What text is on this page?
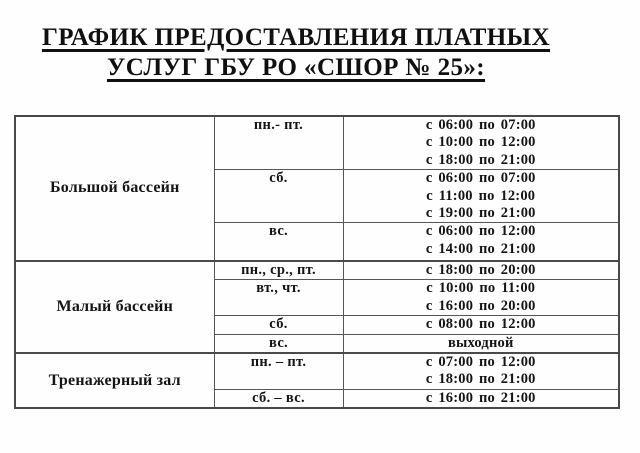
ГРАФИК ПРЕДОСТАВЛЕНИЯ ПЛАТНЫХ
УСЛУГ ГБУ РО «СШОР № 25»:
Большой бассейн	пн.- пт.	с 06:00 по 07:00
с 10:00 по 12:00
с 18:00 по 21:00

	сб.	с 06:00 по 07:00
с 11:00 по 12:00
с 19:00 по 21:00

	вс.	с 06:00 по 12:00
с 14:00 по 21:00

Малый бассейн	пн., ср., пт.	с 18:00 по 20:00

	вт., чт.	с 10:00 по 11:00
с 16:00 по 20:00

	сб.	с 08:00 по 12:00

	вс.	выходной

Тренажерный зал	пн. – пт.	с 07:00 по 12:00
с 18:00 по 21:00

	сб. – вс.	с 16:00 по 21:00
